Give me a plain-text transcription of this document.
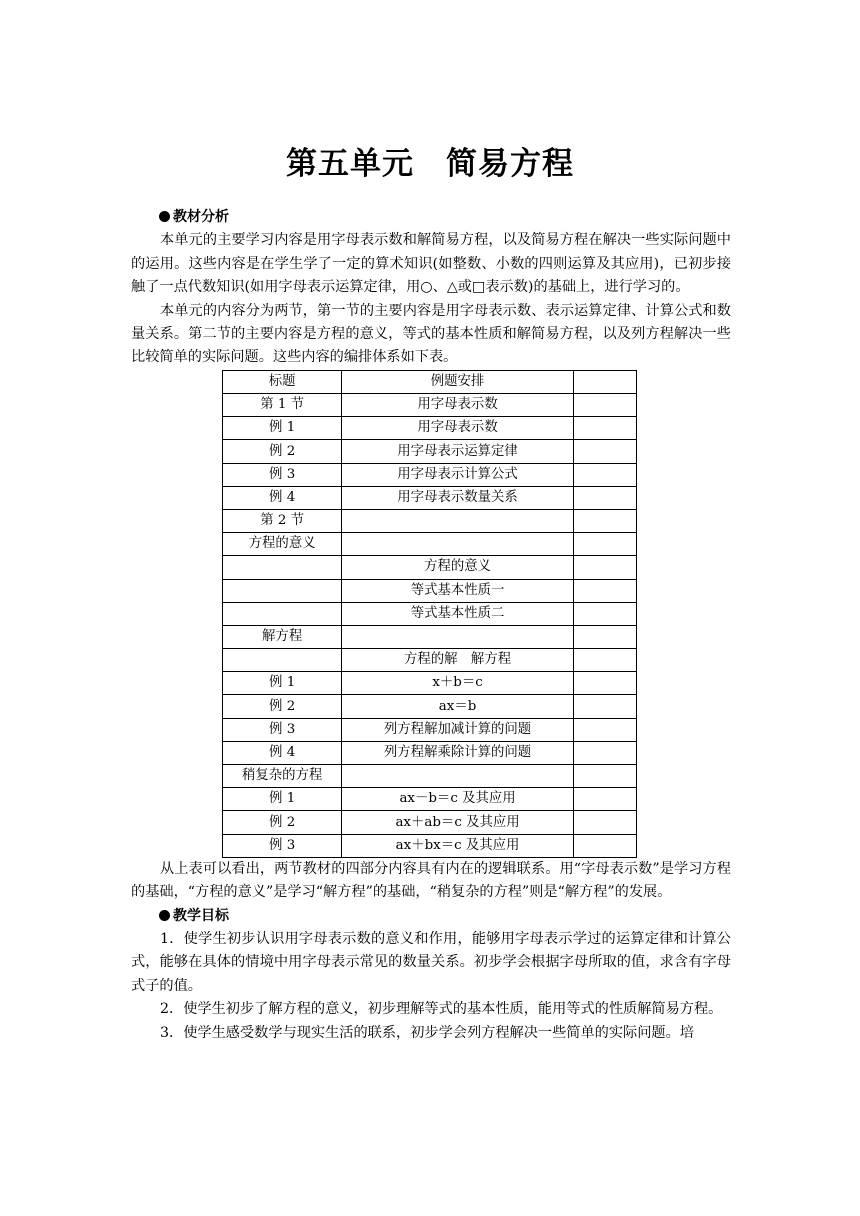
第五单元　简易方程
教材分析

本单元的主要学习内容是用字母表示数和解简易方程，以及简易方程在解决一些实际问题中的运用。这些内容是在学生学了一定的算术知识(如整数、小数的四则运算及其应用)，已初步接触了一点代数知识(如用字母表示运算定律，用○、△或□表示数)的基础上，进行学习的。

本单元的内容分为两节，第一节的主要内容是用字母表示数、表示运算定律、计算公式和数量关系。第二节的主要内容是方程的意义，等式的基本性质和解简易方程，以及列方程解决一些比较简单的实际问题。这些内容的编排体系如下表。

标题	例题安排	
第 1 节	用字母表示数	
例 1	用字母表示数	
例 2	用字母表示运算定律	
例 3	用字母表示计算公式	
例 4	用字母表示数量关系	
第 2 节		
方程的意义		
	方程的意义	
	等式基本性质一	
	等式基本性质二	
解方程		
	方程的解　解方程	
例 1	x＋b＝c	
例 2	ax＝b	
例 3	列方程解加减计算的问题	
例 4	列方程解乘除计算的问题	
稍复杂的方程		
例 1	ax－b＝c 及其应用	
例 2	ax＋ab＝c 及其应用	
例 3	ax＋bx＝c 及其应用	

从上表可以看出，两节教材的四部分内容具有内在的逻辑联系。用“字母表示数”是学习方程的基础，“方程的意义”是学习“解方程”的基础，“稍复杂的方程”则是“解方程”的发展。

教学目标

1．使学生初步认识用字母表示数的意义和作用，能够用字母表示学过的运算定律和计算公式，能够在具体的情境中用字母表示常见的数量关系。初步学会根据字母所取的值，求含有字母式子的值。

2．使学生初步了解方程的意义，初步理解等式的基本性质，能用等式的性质解简易方程。

3．使学生感受数学与现实生活的联系，初步学会列方程解决一些简单的实际问题。培
